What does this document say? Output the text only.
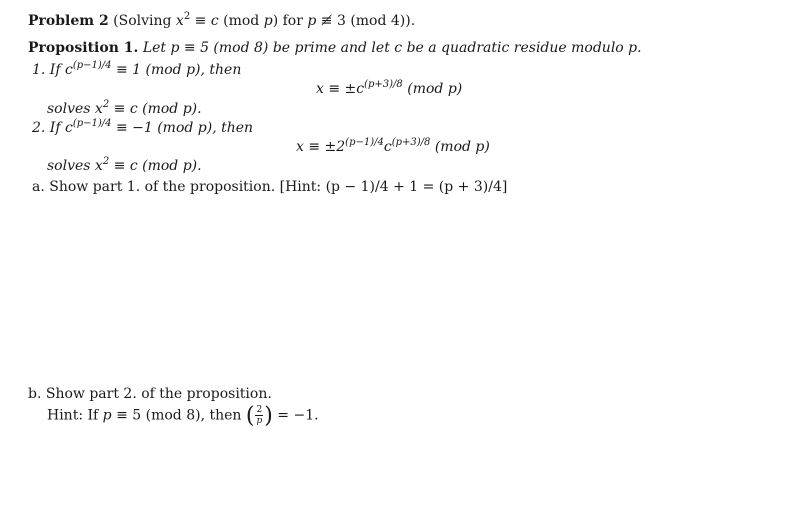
Problem 2 (Solving $x^2 \equiv c$ (mod p) for p ≢ 3 (mod 4)).
Proposition 1. Let p ≡ 5 (mod 8) be prime and let c be a quadratic residue modulo p.
1. If $c^{(p-1)/4} \equiv 1$ (mod p), then
$x \equiv \pm c^{(p+3)/8}$ (mod p)
solves $x^2 \equiv c$ (mod p).
2. If $c^{(p-1)/4} \equiv -1$ (mod p), then
$x \equiv \pm 2^{(p-1)/4}c^{(p+3)/8}$ (mod p)
solves $x^2 \equiv c$ (mod p).
a. Show part 1. of the proposition. [Hint: (p − 1)/4 + 1 = (p + 3)/4]
b. Show part 2. of the proposition.
Hint: If p ≡ 5 (mod 8), then ( $\frac{2}{p}$ ) = −1.
